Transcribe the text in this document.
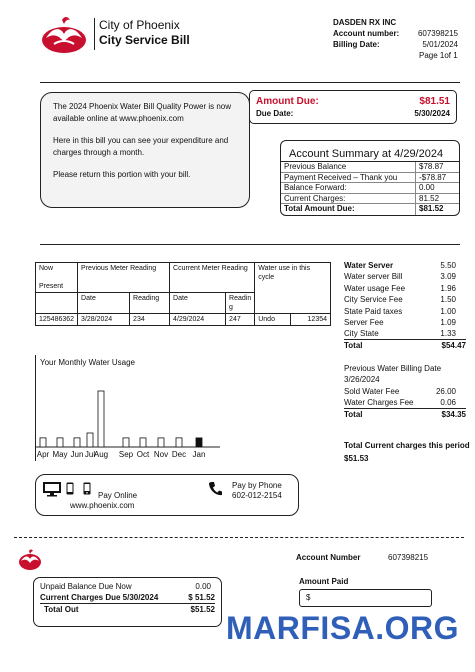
City of Phoenix
City Service Bill
DASDEN RX INC
Account number: 607398215
Billing Date:	5/01/2024
Page 1of 1

The 2024 Phoenix Water Bill Quality Power is now available online at www.phoenix.com

Here in this bill you can see your expenditure and charges through a month.

Please return this portion with your bill.

Amount Due:	$81.51
Due Date:	5/30/2024
Account Summary at 4/29/2024
Previous Balance	$78.87
Payment Received – Thank you	-$78.87
Balance Forward:	0.00
Current Charges:	81.52
Total Amount Due:	$81.52
Now
Present	Previous Meter Reading		Ccurrent Meter Reading		Water use in this cycle	
	Date	Reading	Date	Readin g		
125486362	3/28/2024	234	4/29/2024	247	Undo	12354
Water Server	5.50
Water server Bill	3.09
Water usage Fee	1.96
City Service Fee	1.50
State Paid taxes	1.00
Server Fee	1.09
City State	1.33
Total	$54.47
Previous Water Billing Date
3/26/2024
Sold Water Fee	26.00
Water Charges Fee	0.06
Total	$34.35
Total Current charges this period
$51.53
Your Monthly Water Usage
Apr May Jun Jul
Aug Sep Oct Nov Dec Jan
Pay Online
www.phoenix.com
Pay by Phone
602-012-2154
Account Number	607398215
Amount Paid
$
Unpaid Balance Due Now	0.00
Current Charges Due 5/30/2024	$ 51.52
Total Out	$51.52
MARFISA.ORG
